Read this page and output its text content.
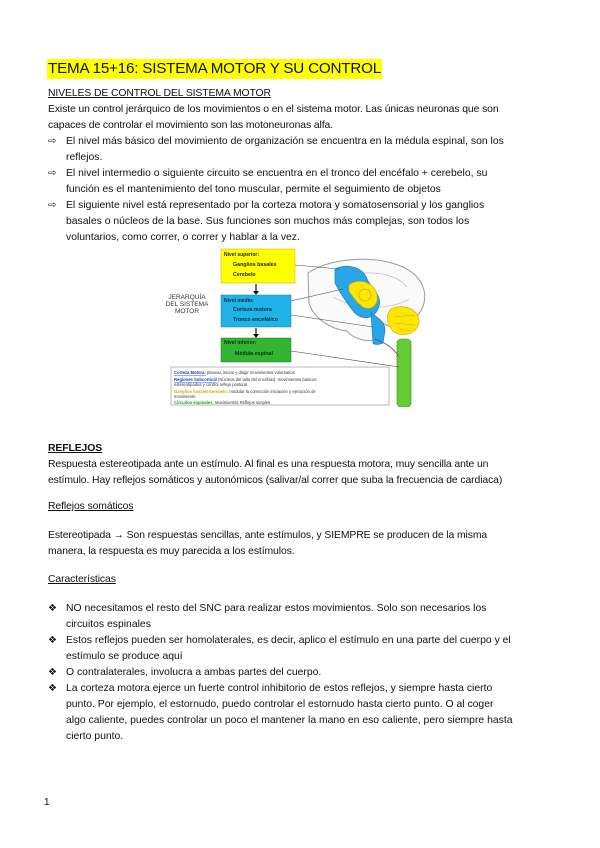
TEMA 15+16: SISTEMA MOTOR Y SU CONTROL
NIVELES DE CONTROL DEL SISTEMA MOTOR
Existe un control jerárquico de los movimientos o en el sistema motor. Las únicas neuronas que son
capaces de controlar el movimiento son las motoneuronas alfa.
⇨ El nivel más básico del movimiento de organización se encuentra en la médula espinal, son los
reflejos.
⇨ El nivel intermedio o siguiente circuito se encuentra en el tronco del encéfalo + cerebelo, su
función es el mantenimiento del tono muscular, permite el seguimiento de objetos
⇨ El siguiente nivel está representado por la corteza motora y somatosensorial y los ganglios
basales o núcleos de la base. Sus funciones son muchos más complejas, son todos los
voluntarios, como correr, o correr y hablar a la vez.
JERARQUÍA
DEL SISTEMA
MOTOR
Nivel superior:
Ganglios basales
Cerebelo
Nivel medio:
Corteza motora
Tronco encefálico
Nivel inferior:
Médula espinal
Corteza Motora: planear, iniciar y dirigir movimientos voluntarios
Regiones Subcortical (Núcleos del tallo del encéfalo): movimientos básicos
estereotipados y control reflejo postural
Ganglios basales/cerebelo: modular la corrección iniciación y ejecución de
movimiento
Circuitos espinales: Movimientos Reflejos simples
REFLEJOS
Respuesta estereotipada ante un estímulo. Al final es una respuesta motora, muy sencilla ante un
estímulo. Hay reflejos somáticos y autonómicos (salivar/al correr que suba la frecuencia de cardiaca)
Reflejos somáticos
Estereotipada → Son respuestas sencillas, ante estímulos, y SIEMPRE se producen de la misma
manera, la respuesta es muy parecida a los estímulos.
Características
❖ NO necesitamos el resto del SNC para realizar estos movimientos. Solo son necesarios los
circuitos espinales
❖ Estos reflejos pueden ser homolaterales, es decir, aplico el estímulo en una parte del cuerpo y el
estímulo se produce aquí
❖ O contralaterales, involucra a ambas partes del cuerpo.
❖ La corteza motora ejerce un fuerte control inhibitorio de estos reflejos, y siempre hasta cierto
punto. Por ejemplo, el estornudo, puedo controlar el estornudo hasta cierto punto. O al coger
algo caliente, puedes controlar un poco el mantener la mano en eso caliente, pero siempre hasta
cierto punto.
1
